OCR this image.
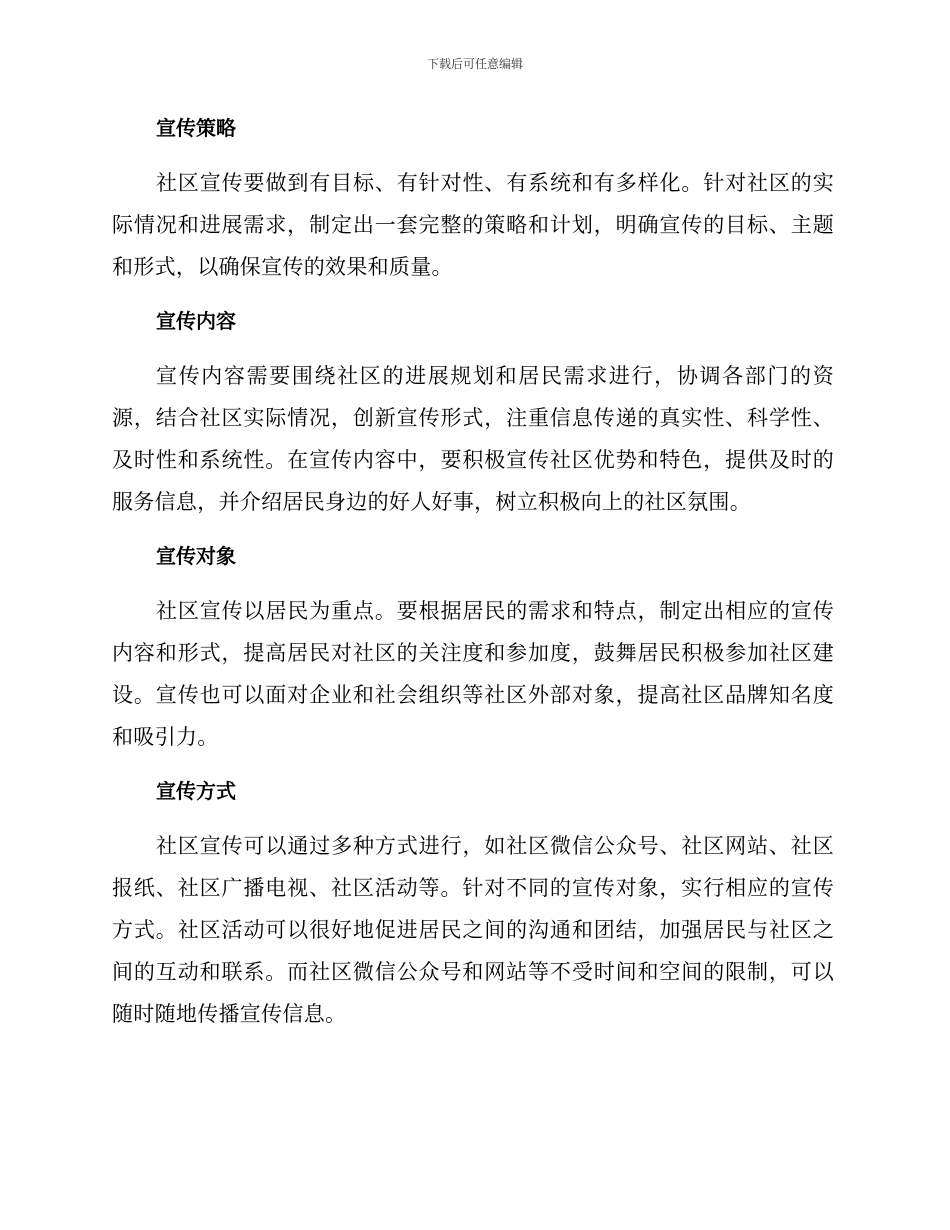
下载后可任意编辑
宣传策略

社区宣传要做到有目标、有针对性、有系统和有多样化。针对社区的实际情况和进展需求，制定出一套完整的策略和计划，明确宣传的目标、主题和形式，以确保宣传的效果和质量。

宣传内容

宣传内容需要围绕社区的进展规划和居民需求进行，协调各部门的资源，结合社区实际情况，创新宣传形式，注重信息传递的真实性、科学性、及时性和系统性。在宣传内容中，要积极宣传社区优势和特色，提供及时的服务信息，并介绍居民身边的好人好事，树立积极向上的社区氛围。

宣传对象

社区宣传以居民为重点。要根据居民的需求和特点，制定出相应的宣传内容和形式，提高居民对社区的关注度和参加度，鼓舞居民积极参加社区建设。宣传也可以面对企业和社会组织等社区外部对象，提高社区品牌知名度和吸引力。

宣传方式

社区宣传可以通过多种方式进行，如社区微信公众号、社区网站、社区报纸、社区广播电视、社区活动等。针对不同的宣传对象，实行相应的宣传方式。社区活动可以很好地促进居民之间的沟通和团结，加强居民与社区之间的互动和联系。而社区微信公众号和网站等不受时间和空间的限制，可以随时随地传播宣传信息。
